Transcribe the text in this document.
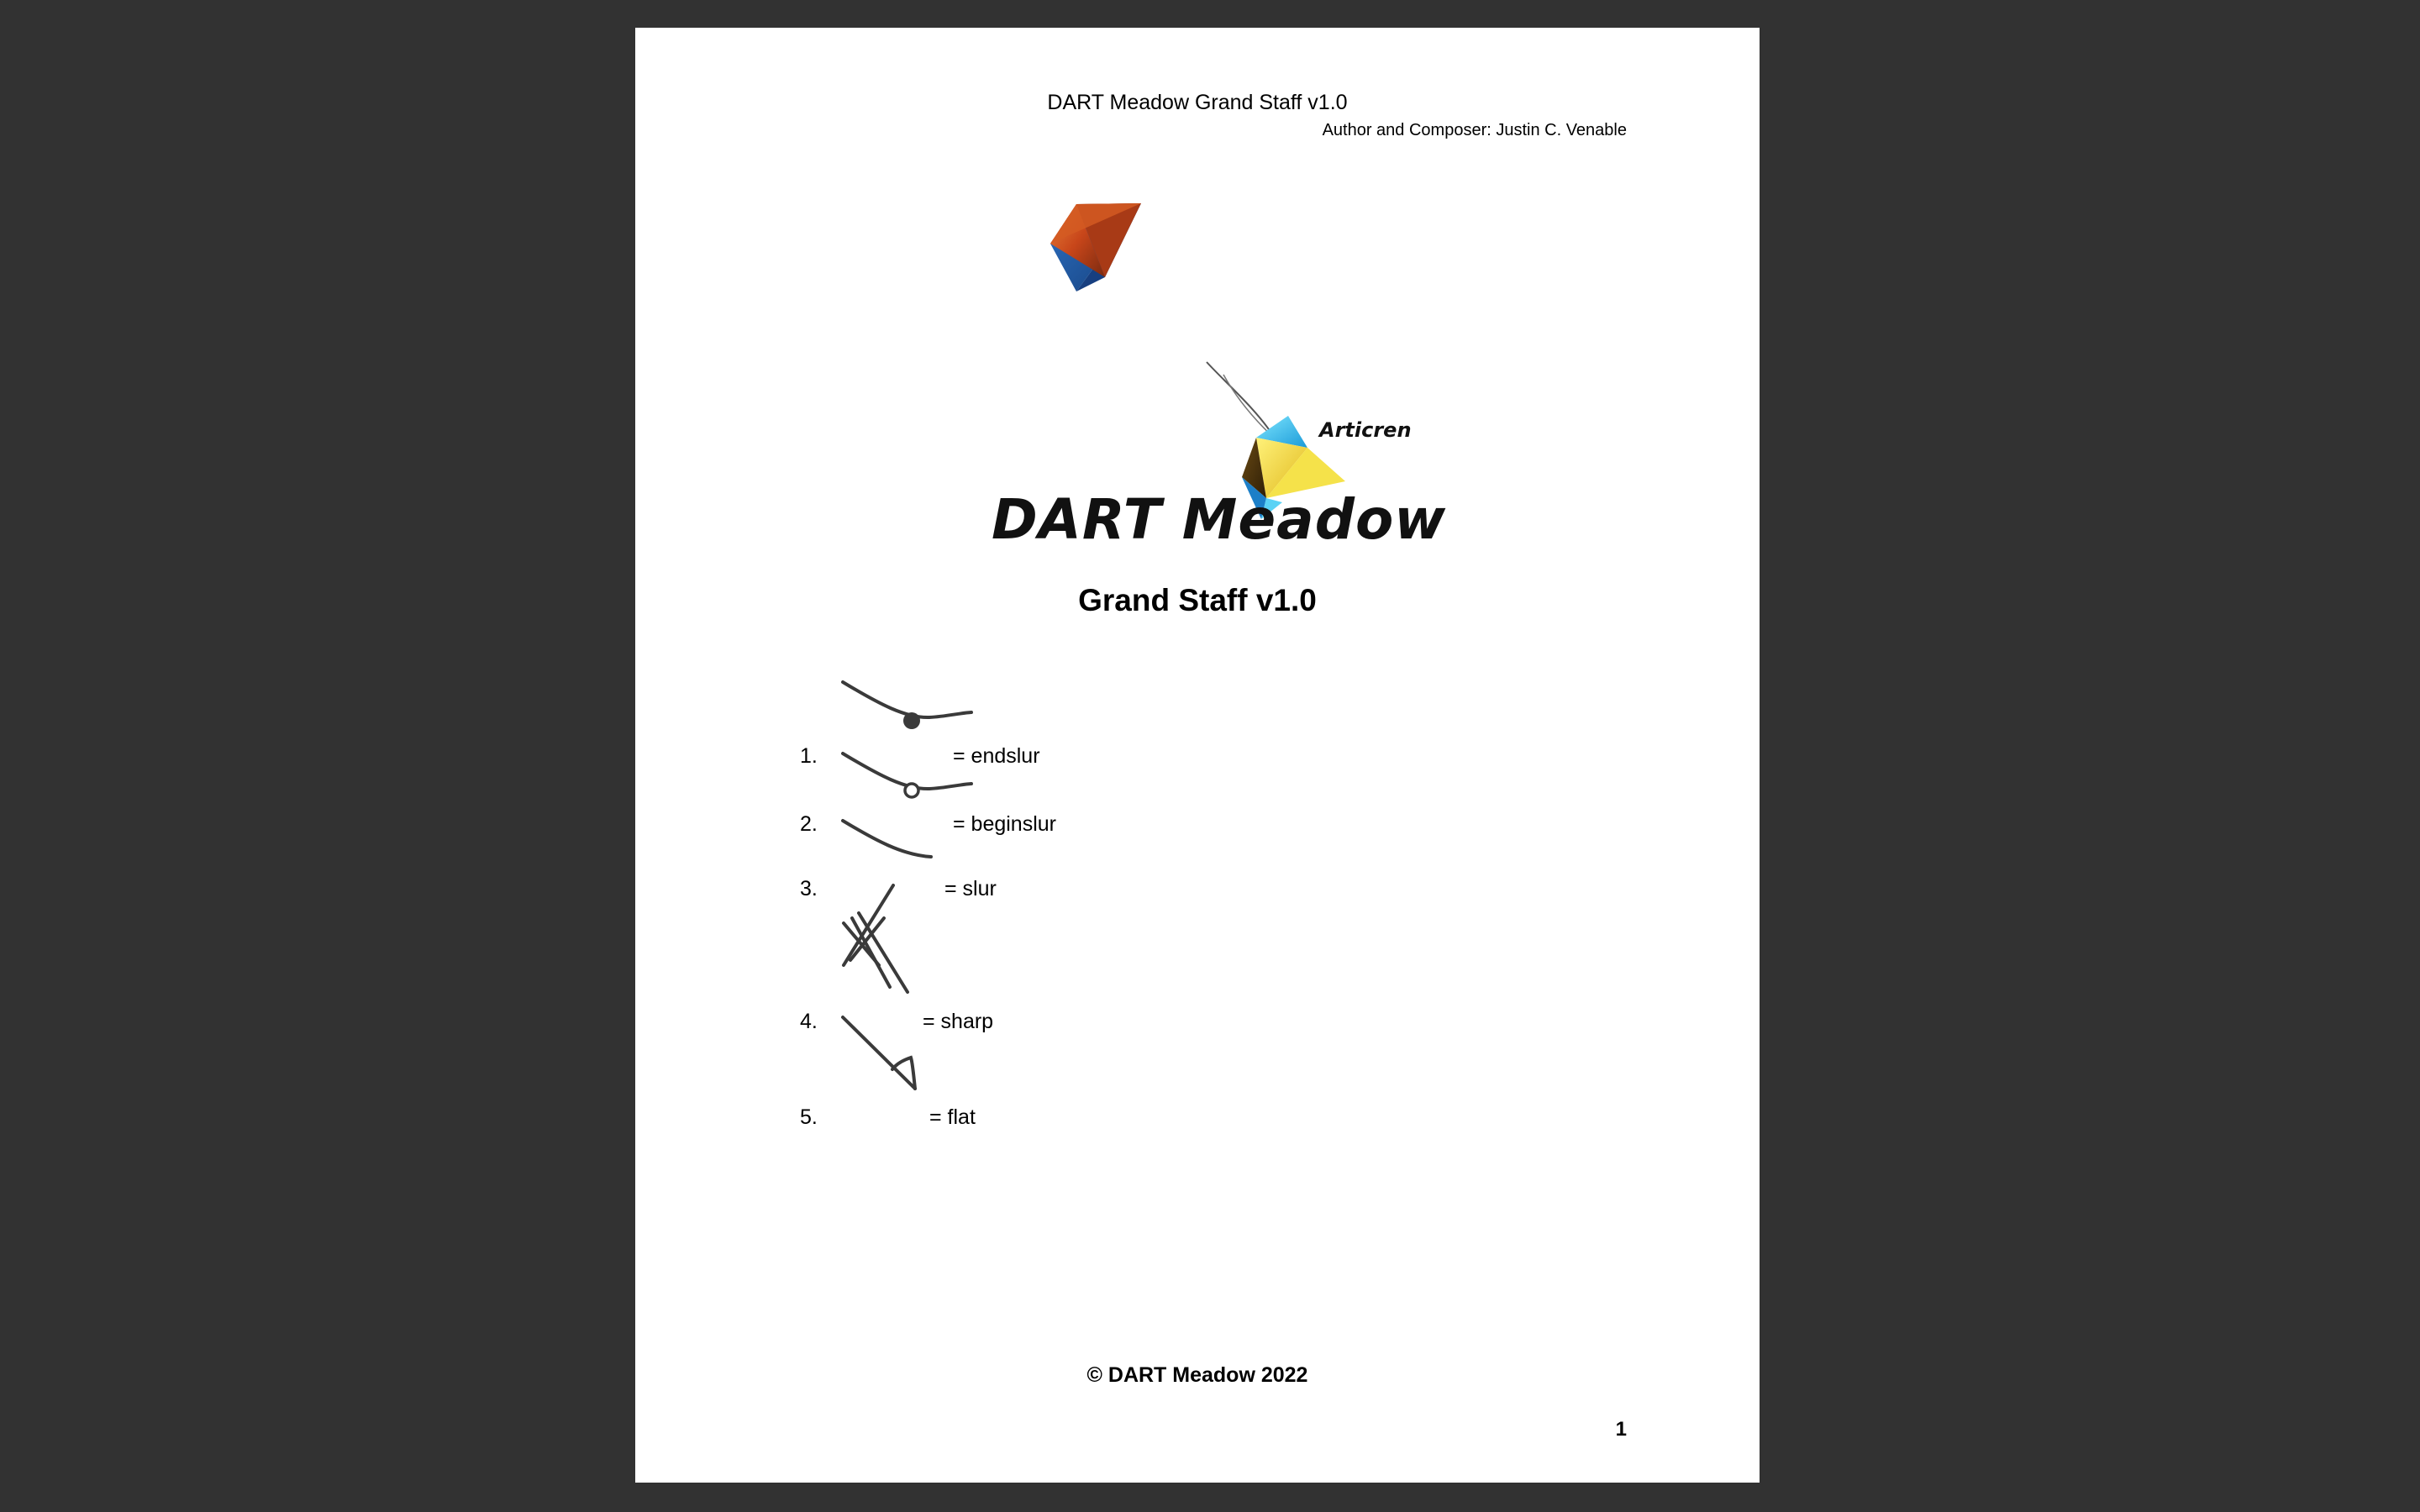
DART Meadow Grand Staff v1.0
Author and Composer: Justin C. Venable
Articren
DART Meadow
Grand Staff v1.0
1.	= endslur
2.	= beginslur
3.	= slur
4.	= sharp
5.	= flat
© DART Meadow 2022
1
